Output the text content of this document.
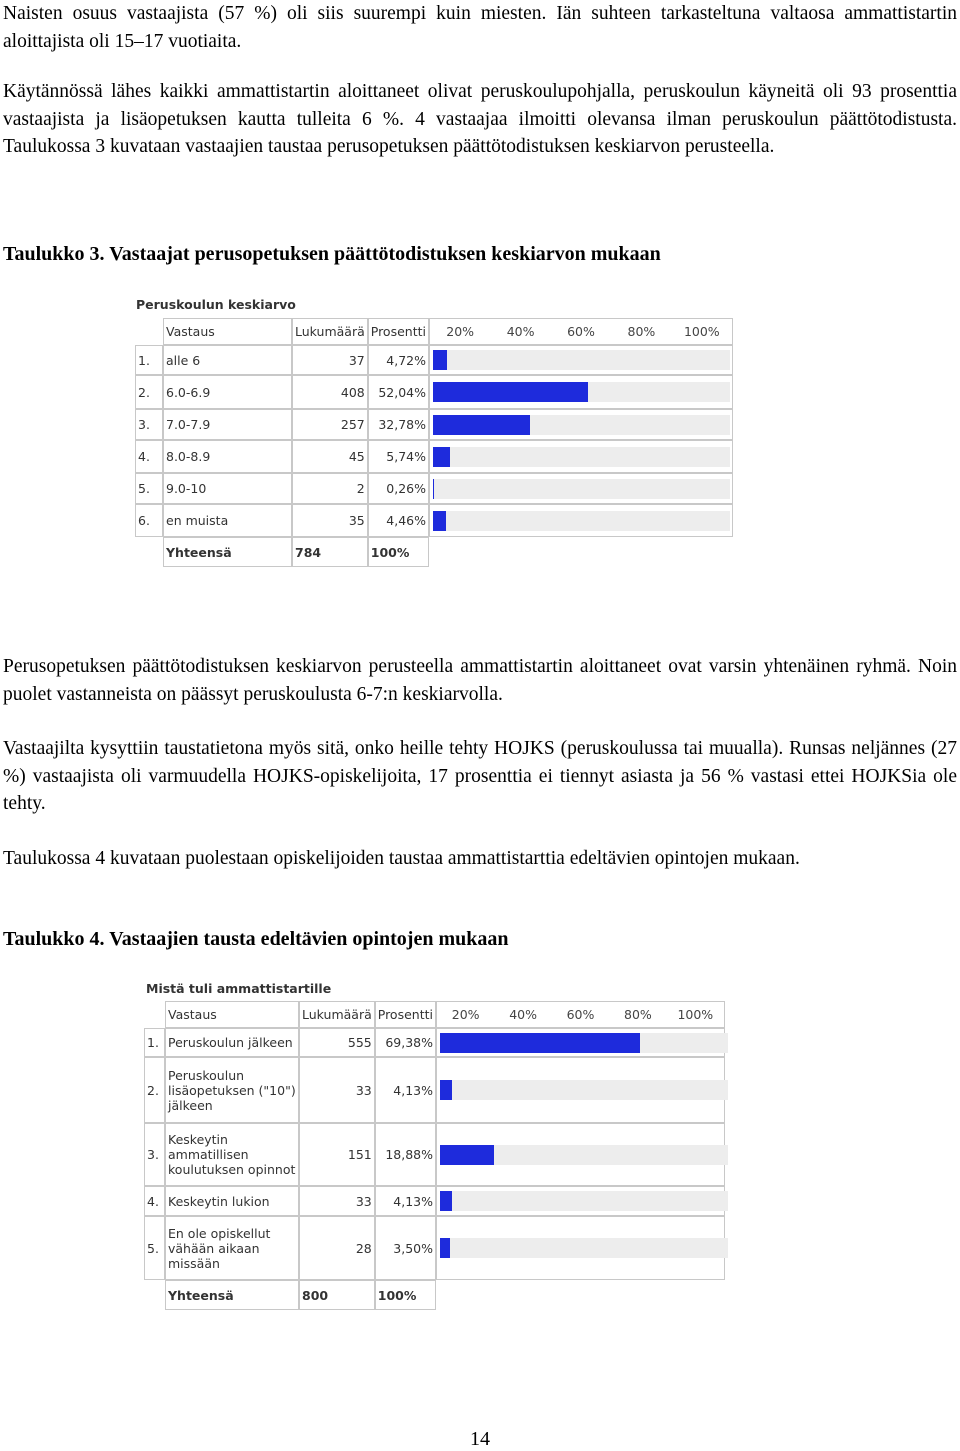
Naisten osuus vastaajista (57 %) oli siis suurempi kuin miesten. Iän suhteen tarkasteltuna valtaosa ammattistartin aloittajista oli 15–17 vuotiaita.

Käytännössä lähes kaikki ammattistartin aloittaneet olivat peruskoulupohjalla, peruskoulun käyneitä oli 93 prosenttia vastaajista ja lisäopetuksen kautta tulleita 6 %. 4 vastaajaa ilmoitti olevansa ilman peruskoulun päättötodistusta. Taulukossa 3 kuvataan vastaajien taustaa perusopetuksen päättötodistuksen keskiarvon perusteella.

Taulukko 3. Vastaajat perusopetuksen päättötodistuksen keskiarvon mukaan

Peruskoulun keskiarvo

	Vastaus	Lukumäärä	Prosentti	20% 40% 60% 80% 100%

1.	alle 6	37	4,72%	

2.	6.0-6.9	408	52,04%	

3.	7.0-7.9	257	32,78%	

4.	8.0-8.9	45	5,74%	

5.	9.0-10	2	0,26%	

6.	en muista	35	4,46%	

	Yhteensä	784	100%	

Perusopetuksen päättötodistuksen keskiarvon perusteella ammattistartin aloittaneet ovat varsin yhtenäinen ryhmä. Noin puolet vastanneista on päässyt peruskoulusta 6-7:n keskiarvolla.

Vastaajilta kysyttiin taustatietona myös sitä, onko heille tehty HOJKS (peruskoulussa tai muualla). Runsas neljännes (27 %) vastaajista oli varmuudella HOJKS-opiskelijoita, 17 prosenttia ei tiennyt asiasta ja 56 % vastasi ettei HOJKSia ole tehty.

Taulukossa 4 kuvataan puolestaan opiskelijoiden taustaa ammattistarttia edeltävien opintojen mukaan.

Taulukko 4. Vastaajien tausta edeltävien opintojen mukaan

Mistä tuli ammattistartille

	Vastaus	Lukumäärä	Prosentti	20% 40% 60% 80% 100%

1.	Peruskoulun jälkeen	555	69,38%	

2.	Peruskoulun lisäopetuksen ("10") jälkeen	33	4,13%	

3.	Keskeytin ammatillisen koulutuksen opinnot	151	18,88%	

4.	Keskeytin lukion	33	4,13%	

5.	En ole opiskellut vähään aikaan missään	28	3,50%	

	Yhteensä	800	100%	
14
